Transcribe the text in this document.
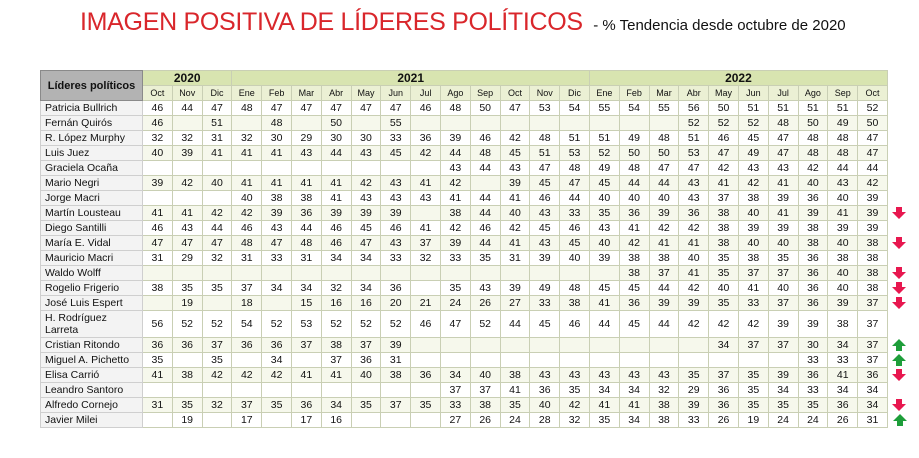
IMAGEN POSITIVA DE LÍDERES POLÍTICOS - % Tendencia desde octubre de 2020
Líderes políticos	2020			2021												2022										
	Oct	Nov	Dic	Ene	Feb	Mar	Abr	May	Jun	Jul	Ago	Sep	Oct	Nov	Dic	Ene	Feb	Mar	Abr	May	Jun	Jul	Ago	Sep	Oct	
Patricia Bullrich	46	44	47	48	47	47	47	47	47	46	48	50	47	53	54	55	54	55	56	50	51	51	51	51	52	
Fernán Quirós	46		51		48		50		55										52	52	52	48	50	49	50	
R. López Murphy	32	32	31	32	30	29	30	30	33	36	39	46	42	48	51	51	49	48	51	46	45	47	48	48	47	
Luis Juez	40	39	41	41	41	43	44	43	45	42	44	48	45	51	53	52	50	50	53	47	49	47	48	48	47	
Graciela Ocaña											43	44	43	47	48	49	48	47	47	42	43	43	42	44	44	
Mario Negri	39	42	40	41	41	41	41	42	43	41	42		39	45	47	45	44	44	43	41	42	41	40	43	42	
Jorge Macri				40	38	38	41	43	43	43	41	44	41	46	44	40	40	40	43	37	38	39	36	40	39	
Martín Lousteau	41	41	42	42	39	36	39	39	39		38	44	40	43	33	35	36	39	36	38	40	41	39	41	39	
Diego Santilli	46	43	44	46	43	44	46	45	46	41	42	46	42	45	46	43	41	42	42	38	39	39	38	39	39	
María E. Vidal	47	47	47	48	47	48	46	47	43	37	39	44	41	43	45	40	42	41	41	38	40	40	38	40	38	
Mauricio Macri	31	29	32	31	33	31	34	34	33	32	33	35	31	39	40	39	38	38	40	35	38	35	36	38	38	
Waldo Wolff																	38	37	41	35	37	37	36	40	38	
Rogelio Frigerio	38	35	35	37	34	34	32	34	36		35	43	39	49	48	45	45	44	42	40	41	40	36	40	38	
José Luis Espert		19		18		15	16	16	20	21	24	26	27	33	38	41	36	39	39	35	33	37	36	39	37	
H. Rodríguez Larreta	56	52	52	54	52	53	52	52	52	46	47	52	44	45	46	44	45	44	42	42	42	39	39	38	37	
Cristian Ritondo	36	36	37	36	36	37	38	37	39											34	37	37	30	34	37	
Miguel A. Pichetto	35		35		34		37	36	31														33	33	37	
Elisa Carrió	41	38	42	42	42	41	41	40	38	36	34	40	38	43	43	43	43	43	35	37	35	39	36	41	36	
Leandro Santoro											37	37	41	36	35	34	34	32	29	36	35	34	33	34	34	
Alfredo Cornejo	31	35	32	37	35	36	34	35	37	35	33	38	35	40	42	41	41	38	39	36	35	35	35	36	34	
Javier Milei		19		17		17	16				27	26	24	28	32	35	34	38	33	26	19	24	24	26	31	
